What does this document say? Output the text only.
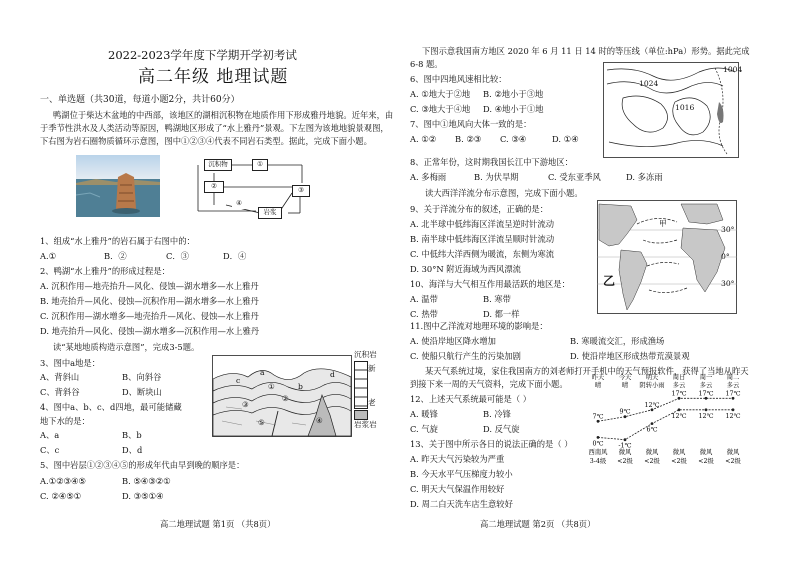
2022-2023学年度下学期开学初考试
高二年级 地理试题
一、单选题（共30道，每道小题2分，共计60分）
鸭湖位于柴达木盆地的中西部，该地区的湖相沉积物在地质作用下形成雅丹地貌。近年来，由
于季节性洪水及人类活动等原因，鸭湖地区形成了“水上雅丹”景观。下左图为该地地貌景观图，
下右图为岩石圈物质循环示意图，图中①②③④代表不同岩石类型。据此，完成下面小题。
沉积物	①
②	③
④
岩浆
1、组成“水上雅丹”的岩石属于右图中的：
A.①	B．②	C．③	D．④
2、鸭湖“水上雅丹”的形成过程是：
A. 沉积作用—地壳抬升—风化、侵蚀—湖水增多—水上雅丹
B. 地壳抬升—风化、侵蚀—沉积作用—湖水增多—水上雅丹
C. 沉积作用—湖水增多—地壳抬升—风化、侵蚀—水上雅丹
D. 地壳抬升—风化、侵蚀—湖水增多—沉积作用—水上雅丹
读“某地地质构造示意图”，完成3-5题。
3、图中a地是：
A、背斜山	B、向斜谷
C、背斜谷	D、断块山
4、图中a、b、c、d四地，最可能储藏
地下水的是：
A、a	B、b
C、c	D、d
5、图中岩层①②③④⑤的形成年代由早到晚的顺序是：
A.①②③④⑤	B. ⑤④③②①
C. ②④⑤①	D. ③⑤①④
a
b
c
d
①
②
③
④
⑤
沉积岩
新
老
岩浆岩
高二地理试题 第1页 （共8页）
下图示意我国南方地区 2020 年 6 月 11 日 14 时的等压线（单位:hPa）形势。据此完成
6-8 题。
1004
1016
1024
6、图中四地风速相比较：
A. ①地大于②地 B. ②地小于③地
C. ③地大于④地 D. ④地小于①地
7、图中①地风向大体一致的是：
A. ①② B. ②③ C. ③④	D. ①④
8、正常年份，这时期我国长江中下游地区：
A. 多梅雨	B. 为伏旱期	C. 受东亚季风	D. 多冻雨
读大西洋洋流分布示意图，完成下面小题。
9、关于洋流分布的叙述，正确的是：
A. 北半球中低纬海区洋流呈逆时针流动
B. 南半球中低纬海区洋流呈顺时针流动
C. 中低纬大洋西侧为暖流，东侧为寒流
D. 30°N 附近海域为西风漂流
10、海洋与大气相互作用最活跃的地区是：
A. 温带	B. 寒带
C. 热带	D. 都一样
甲
乙
30°
0°
30°
11.图中乙洋流对地理环境的影响是：
A. 使沿岸地区降水增加	B. 寒暖流交汇，形成渔场
C. 使船只航行产生的污染加剧	D. 使沿岸地区形成热带荒漠景观
某天气系统过境，家住我国南方的刘老师打开手机中的天气预报软件，获得了当地从昨天
到接下来一周的天气资料，完成下面小题。
12、上述天气系统最可能是（ ）
A. 暖锋	B. 冷锋
C. 气旋	D. 反气旋
13、关于图中所示各日的说法正确的是（ ）
A. 昨天大气污染较为严重
B. 今天水平气压梯度力较小
C. 明天大气保温作用较好
D. 周二白天洗车店生意较好
昨天
晴
西南风
3-4级
今天
晴
微风
<2级
明天
阴转小雨
微风
<2级
周日
多云
微风
<2级
周一
多云
微风
<2级
周二
多云
微风
<2级
7℃
9℃
12℃
17℃ 17℃ 17℃
0℃ -1℃
6℃
12℃ 12℃ 12℃
高二地理试题 第2页 （共8页）
